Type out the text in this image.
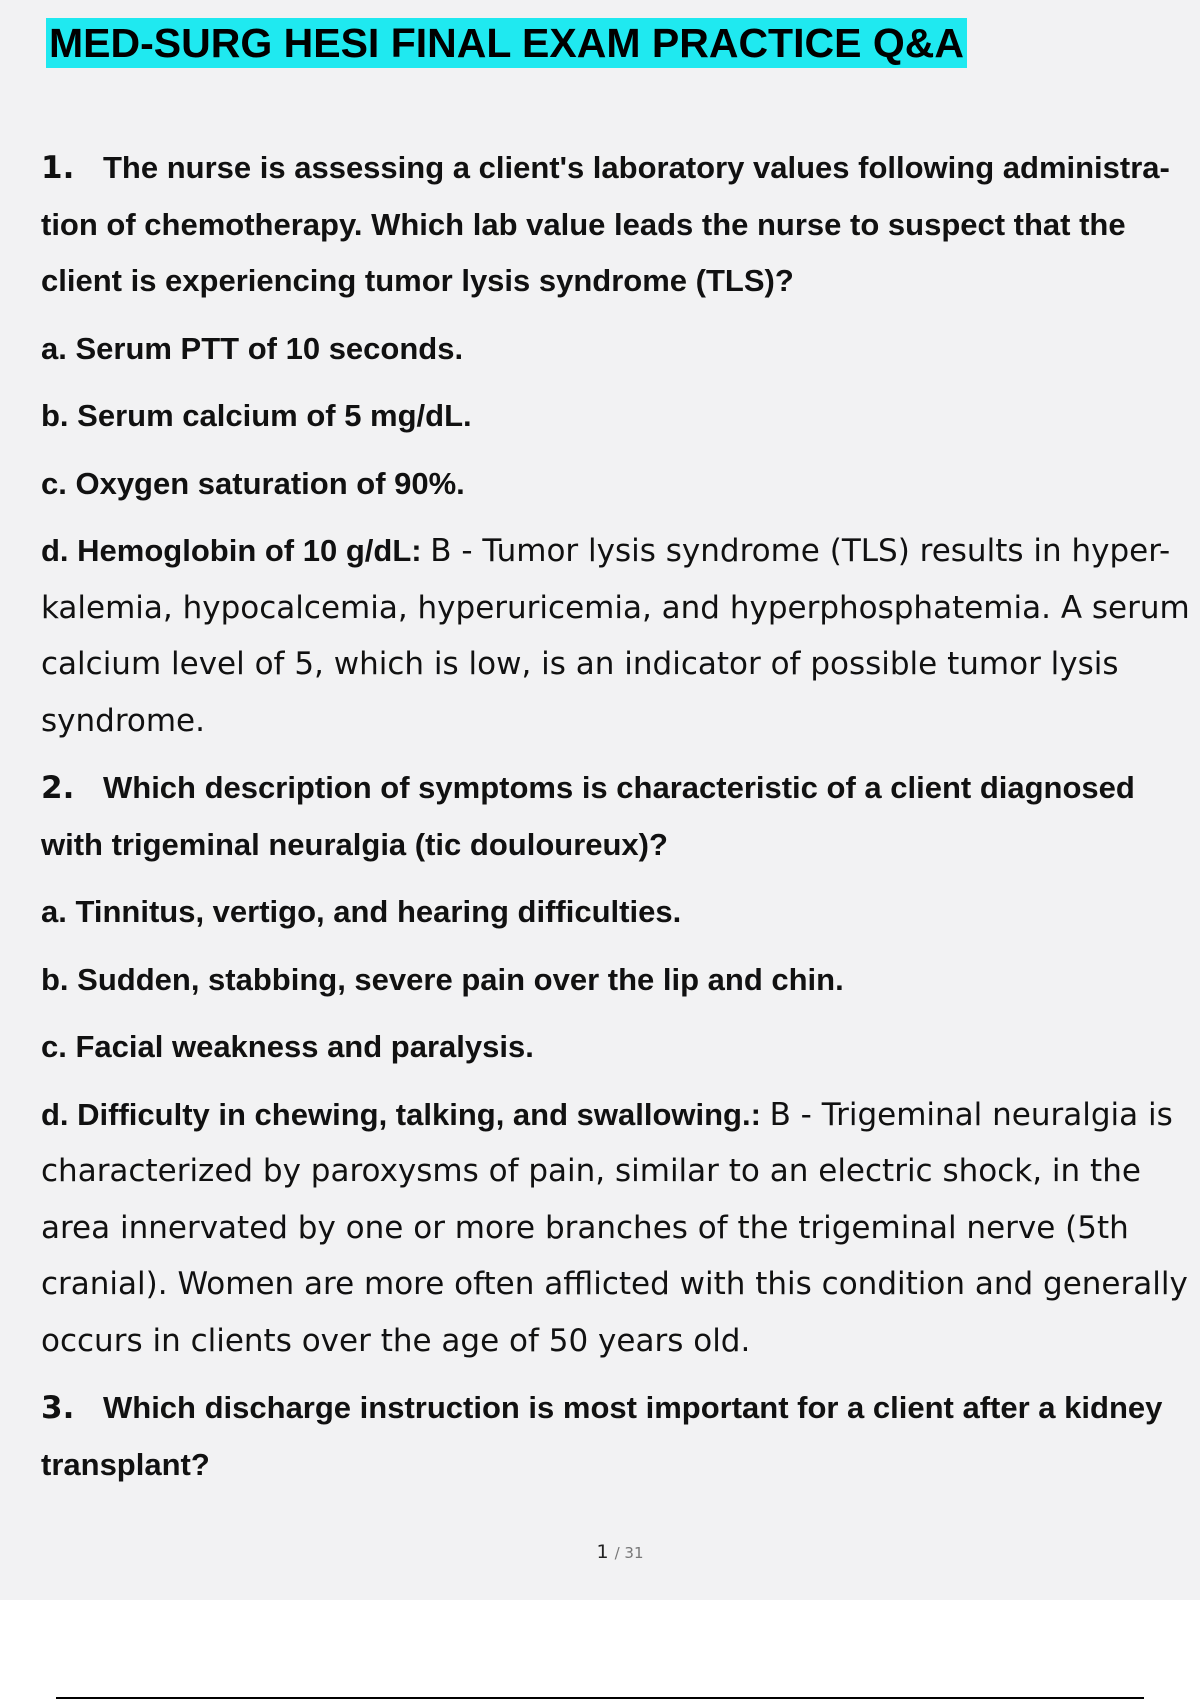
MED-SURG HESI FINAL EXAM PRACTICE Q&A
1. The nurse is assessing a client's laboratory values following administra- tion of chemotherapy. Which lab value leads the nurse to suspect that the client is experiencing tumor lysis syndrome (TLS)?
a. Serum PTT of 10 seconds.
b. Serum calcium of 5 mg/dL.
c. Oxygen saturation of 90%.
d. Hemoglobin of 10 g/dL: B - Tumor lysis syndrome (TLS) results in hyper- kalemia, hypocalcemia, hyperuricemia, and hyperphosphatemia. A serum calcium level of 5, which is low, is an indicator of possible tumor lysis syndrome.
2. Which description of symptoms is characteristic of a client diagnosed with trigeminal neuralgia (tic douloureux)?
a. Tinnitus, vertigo, and hearing difficulties.
b. Sudden, stabbing, severe pain over the lip and chin.
c. Facial weakness and paralysis.
d. Difficulty in chewing, talking, and swallowing.: B - Trigeminal neuralgia is characterized by paroxysms of pain, similar to an electric shock, in the area innervated by one or more branches of the trigeminal nerve (5th cranial). Women are more often afflicted with this condition and generally occurs in clients over the age of 50 years old.
3. Which discharge instruction is most important for a client after a kidney transplant?
1 / 31
